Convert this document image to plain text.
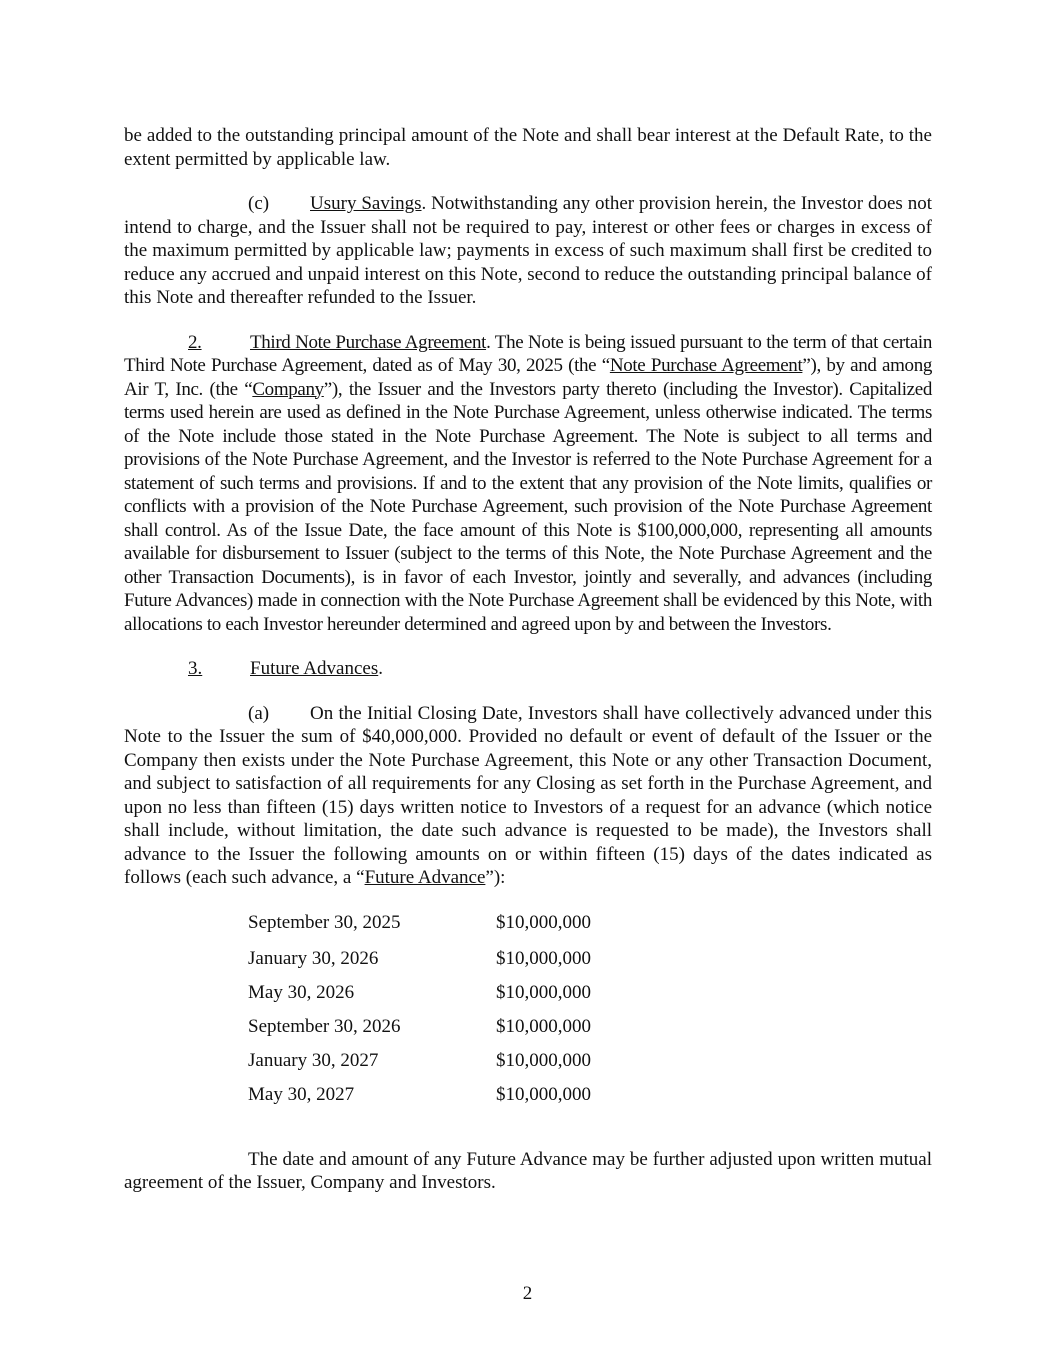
be added to the outstanding principal amount of the Note and shall bear interest at the Default Rate, to the extent permitted by applicable law.

(c) Usury Savings. Notwithstanding any other provision herein, the Investor does not intend to charge, and the Issuer shall not be required to pay, interest or other fees or charges in excess of the maximum permitted by applicable law; payments in excess of such maximum shall first be credited to reduce any accrued and unpaid interest on this Note, second to reduce the outstanding principal balance of this Note and thereafter refunded to the Issuer.

2.	Third Note Purchase Agreement. The Note is being issued pursuant to the term of that certain Third Note Purchase Agreement, dated as of May 30, 2025 (the “Note Purchase Agreement”), by and among Air T, Inc. (the “Company”), the Issuer and the Investors party thereto (including the Investor). Capitalized terms used herein are used as defined in the Note Purchase Agreement, unless otherwise indicated. The terms of the Note include those stated in the Note Purchase Agreement. The Note is subject to all terms and provisions of the Note Purchase Agreement, and the Investor is referred to the Note Purchase Agreement for a statement of such terms and provisions. If and to the extent that any provision of the Note limits, qualifies or conflicts with a provision of the Note Purchase Agreement, such provision of the Note Purchase Agreement shall control. As of the Issue Date, the face amount of this Note is $100,000,000, representing all amounts available for disbursement to Issuer (subject to the terms of this Note, the Note Purchase Agreement and the other Transaction Documents), is in favor of each Investor, jointly and severally, and advances (including Future Advances) made in connection with the Note Purchase Agreement shall be evidenced by this Note, with allocations to each Investor hereunder determined and agreed upon by and between the Investors.

3.	Future Advances.

(a) On the Initial Closing Date, Investors shall have collectively advanced under this Note to the Issuer the sum of $40,000,000. Provided no default or event of default of the Issuer or the Company then exists under the Note Purchase Agreement, this Note or any other Transaction Document, and subject to satisfaction of all requirements for any Closing as set forth in the Purchase Agreement, and upon no less than fifteen (15) days written notice to Investors of a request for an advance (which notice shall include, without limitation, the date such advance is requested to be made), the Investors shall advance to the Issuer the following amounts on or within fifteen (15) days of the dates indicated as follows (each such advance, a “Future Advance”):

September 30, 2025	$10,000,000
January 30, 2026	$10,000,000
May 30, 2026	$10,000,000
September 30, 2026	$10,000,000
January 30, 2027	$10,000,000
May 30, 2027	$10,000,000

The date and amount of any Future Advance may be further adjusted upon written mutual agreement of the Issuer, Company and Investors.

2
